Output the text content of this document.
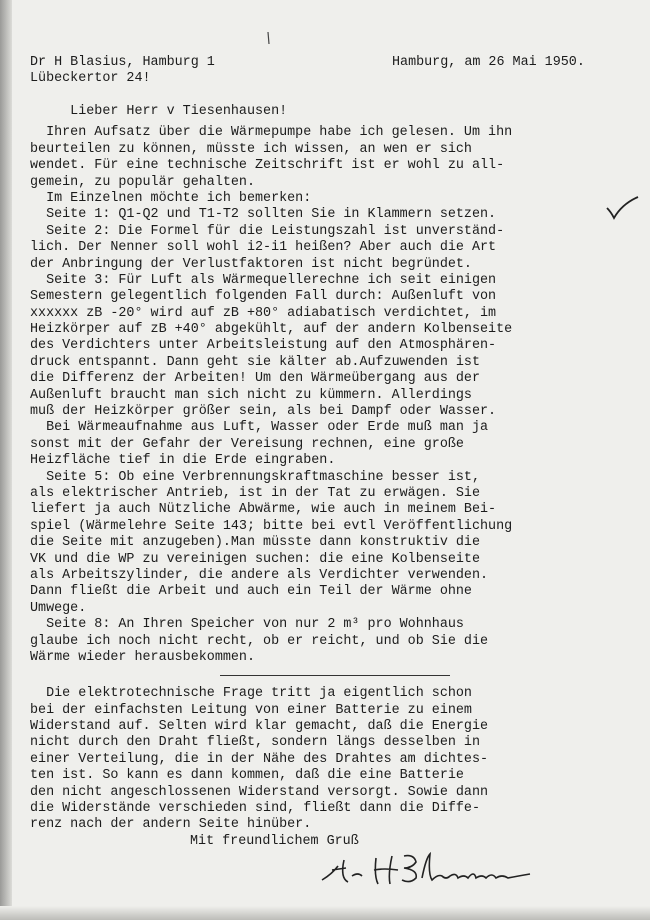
Dr H Blasius, Hamburg 1
Lübeckertor 24!
Hamburg, am 26 Mai 1950.
Lieber Herr v Tiesenhausen!
Ihren Aufsatz über die Wärmepumpe habe ich gelesen. Um ihn
beurteilen zu können, müsste ich wissen, an wen er sich
wendet. Für eine technische Zeitschrift ist er wohl zu all-
gemein, zu populär gehalten.
Im Einzelnen möchte ich bemerken:
Seite 1: Q1-Q2 und T1-T2 sollten Sie in Klammern setzen.
Seite 2: Die Formel für die Leistungszahl ist unverständ-
lich. Der Nenner soll wohl i2-i1 heißen? Aber auch die Art
der Anbringung der Verlustfaktoren ist nicht begründet.
Seite 3: Für Luft als Wärmequellerechne ich seit einigen
Semestern gelegentlich folgenden Fall durch: Außenluft von
xxxxxx zB -20° wird auf zB +80° adiabatisch verdichtet, im
Heizkörper auf zB +40° abgekühlt, auf der andern Kolbenseite
des Verdichters unter Arbeitsleistung auf den Atmosphären-
druck entspannt. Dann geht sie kälter ab.Aufzuwenden ist
die Differenz der Arbeiten! Um den Wärmeübergang aus der
Außenluft braucht man sich nicht zu kümmern. Allerdings
muß der Heizkörper größer sein, als bei Dampf oder Wasser.
Bei Wärmeaufnahme aus Luft, Wasser oder Erde muß man ja
sonst mit der Gefahr der Vereisung rechnen, eine große
Heizfläche tief in die Erde eingraben.
Seite 5: Ob eine Verbrennungskraftmaschine besser ist,
als elektrischer Antrieb, ist in der Tat zu erwägen. Sie
liefert ja auch Nützliche Abwärme, wie auch in meinem Bei-
spiel (Wärmelehre Seite 143; bitte bei evtl Veröffentlichung
die Seite mit anzugeben).Man müsste dann konstruktiv die
VK und die WP zu vereinigen suchen: die eine Kolbenseite
als Arbeitszylinder, die andere als Verdichter verwenden.
Dann fließt die Arbeit und auch ein Teil der Wärme ohne
Umwege.
Seite 8: An Ihren Speicher von nur 2 m³ pro Wohnhaus
glaube ich noch nicht recht, ob er reicht, und ob Sie die
Wärme wieder herausbekommen.
Die elektrotechnische Frage tritt ja eigentlich schon
bei der einfachsten Leitung von einer Batterie zu einem
Widerstand auf. Selten wird klar gemacht, daß die Energie
nicht durch den Draht fließt, sondern längs desselben in
einer Verteilung, die in der Nähe des Drahtes am dichtes-
ten ist. So kann es dann kommen, daß die eine Batterie
den nicht angeschlossenen Widerstand versorgt. Sowie dann
die Widerstände verschieden sind, fließt dann die Diffe-
renz nach der andern Seite hinüber.
Mit freundlichem Gruß
